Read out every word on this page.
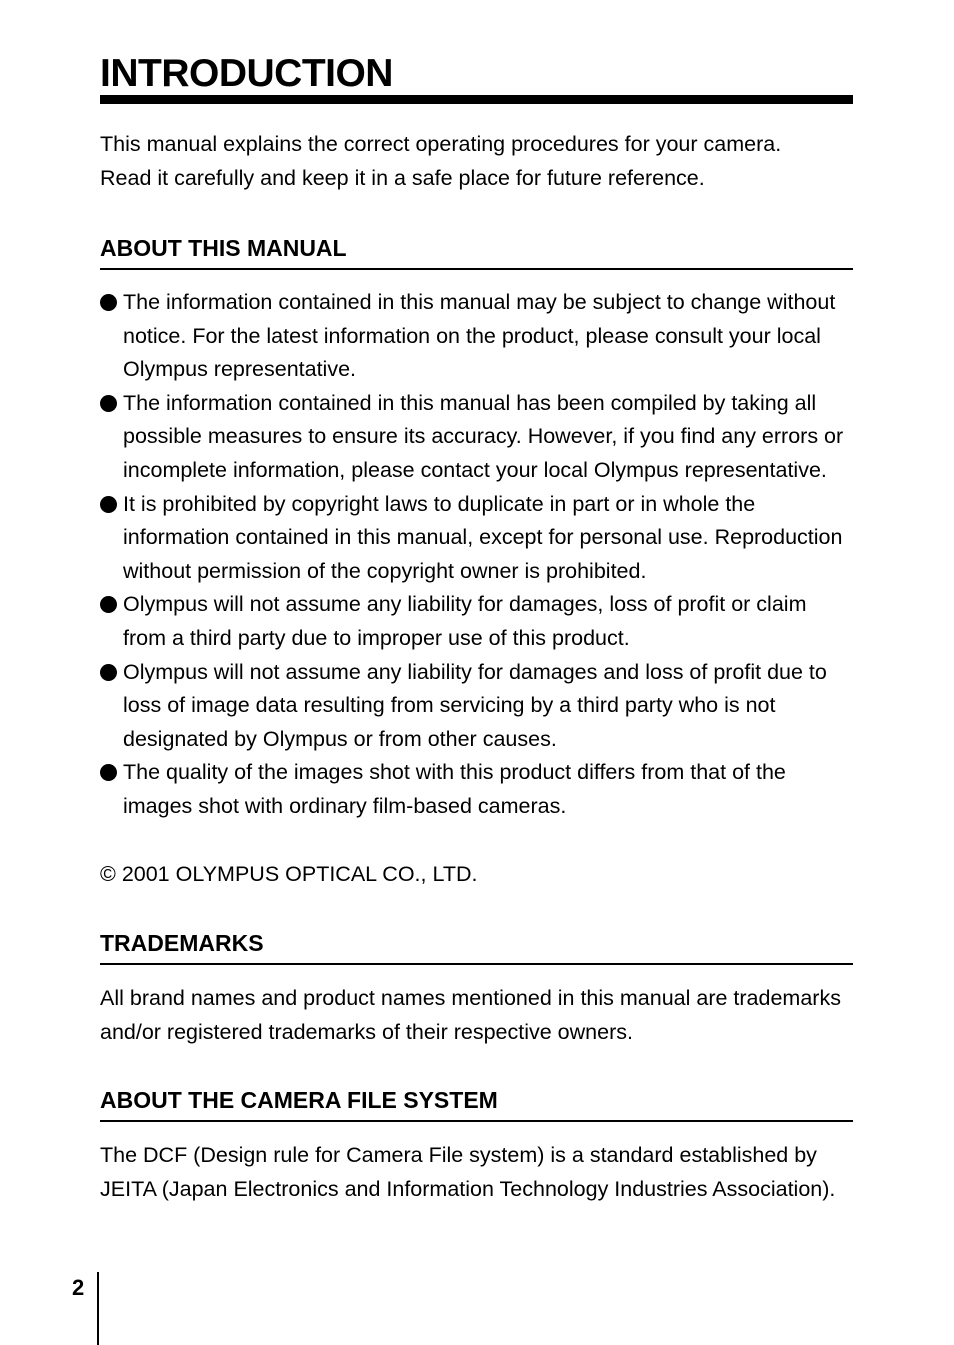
INTRODUCTION

This manual explains the correct operating procedures for your camera.

Read it carefully and keep it in a safe place for future reference.

ABOUT THIS MANUAL
The information contained in this manual may be subject to change without notice. For the latest information on the product, please consult your local Olympus representative.
The information contained in this manual has been compiled by taking all possible measures to ensure its accuracy. However, if you find any errors or incomplete information, please contact your local Olympus representative.
It is prohibited by copyright laws to duplicate in part or in whole the information contained in this manual, except for personal use. Reproduction without permission of the copyright owner is prohibited.
Olympus will not assume any liability for damages, loss of profit or claim from a third party due to improper use of this product.
Olympus will not assume any liability for damages and loss of profit due to loss of image data resulting from servicing by a third party who is not designated by Olympus or from other causes.
The quality of the images shot with this product differs from that of the images shot with ordinary film-based cameras.

© 2001 OLYMPUS OPTICAL CO., LTD.

TRADEMARKS

All brand names and product names mentioned in this manual are trademarks and/or registered trademarks of their respective owners.

ABOUT THE CAMERA FILE SYSTEM

The DCF (Design rule for Camera File system) is a standard established by JEITA (Japan Electronics and Information Technology Industries Association).

2
